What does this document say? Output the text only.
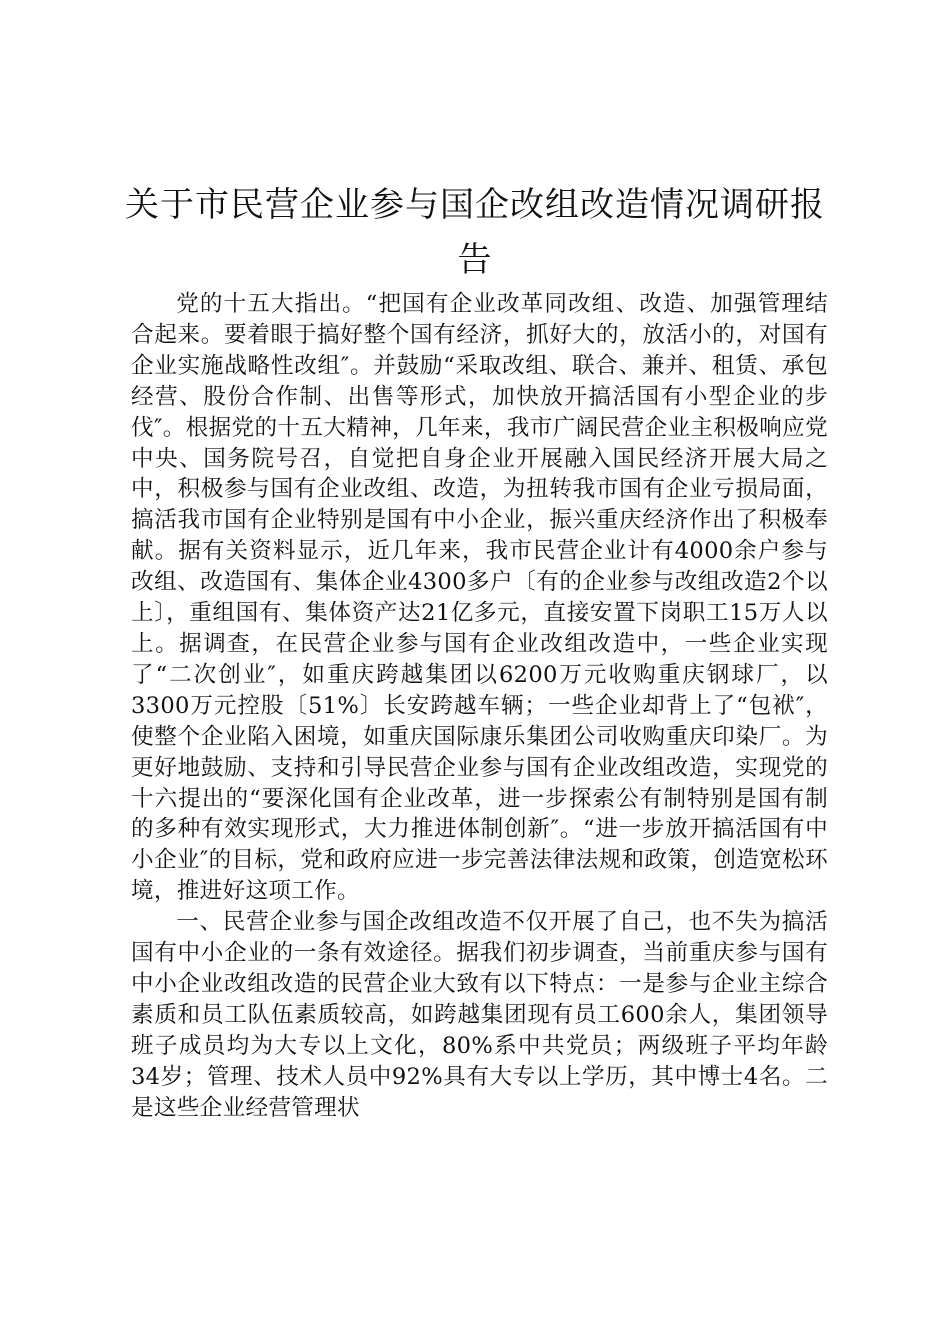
关于市民营企业参与国企改组改造情况调研报告

党的十五大指出。“把国有企业改革同改组、改造、加强管理结合起来。要着眼于搞好整个国有经济，抓好大的，放活小的，对国有企业实施战略性改组″。并鼓励“采取改组、联合、兼并、租赁、承包经营、股份合作制、出售等形式，加快放开搞活国有小型企业的步伐″。根据党的十五大精神，几年来，我市广阔民营企业主积极响应党中央、国务院号召，自觉把自身企业开展融入国民经济开展大局之中，积极参与国有企业改组、改造，为扭转我市国有企业亏损局面，搞活我市国有企业特别是国有中小企业，振兴重庆经济作出了积极奉献。据有关资料显示，近几年来，我市民营企业计有4000余户参与改组、改造国有、集体企业4300多户〔有的企业参与改组改造2个以上〕，重组国有、集体资产达21亿多元，直接安置下岗职工15万人以上。据调查，在民营企业参与国有企业改组改造中，一些企业实现了“二次创业″，如重庆跨越集团以6200万元收购重庆钢球厂，以3300万元控股〔51%〕长安跨越车辆；一些企业却背上了“包袱″，使整个企业陷入困境，如重庆国际康乐集团公司收购重庆印染厂。为更好地鼓励、支持和引导民营企业参与国有企业改组改造，实现党的十六提出的“要深化国有企业改革，进一步探索公有制特别是国有制的多种有效实现形式，大力推进体制创新″。“进一步放开搞活国有中小企业″的目标，党和政府应进一步完善法律法规和政策，创造宽松环境，推进好这项工作。

一、民营企业参与国企改组改造不仅开展了自己，也不失为搞活国有中小企业的一条有效途径。据我们初步调查，当前重庆参与国有中小企业改组改造的民营企业大致有以下特点：一是参与企业主综合素质和员工队伍素质较高，如跨越集团现有员工600余人，集团领导班子成员均为大专以上文化，80%系中共党员；两级班子平均年龄34岁；管理、技术人员中92%具有大专以上学历，其中博士4名。二是这些企业经营管理状
